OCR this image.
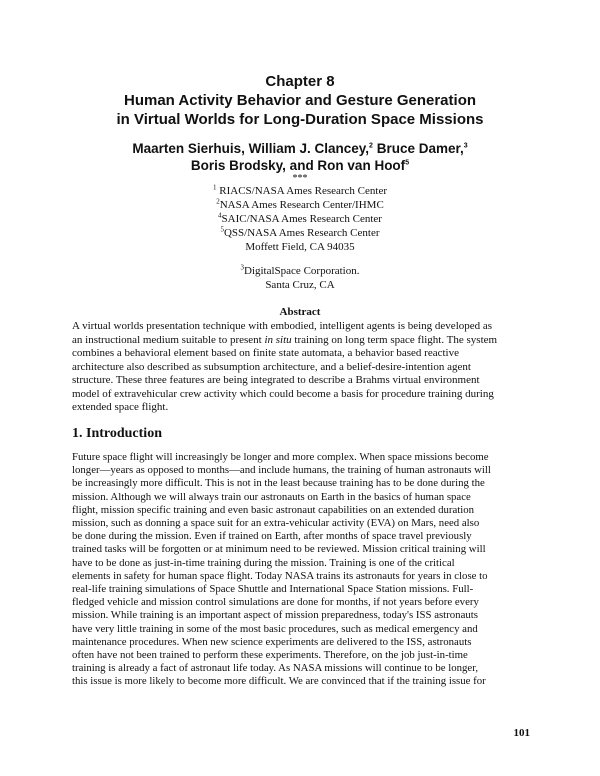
Chapter 8
Human Activity Behavior and Gesture Generation
in Virtual Worlds for Long-Duration Space Missions
Maarten Sierhuis, William J. Clancey,$^2$ Bruce Damer,$^3$
Boris Brodsky, and Ron van Hoof$^5$
***
$^1$ RIACS/NASA Ames Research Center
$^2$NASA Ames Research Center/IHMC
$^4$SAIC/NASA Ames Research Center
$^5$QSS/NASA Ames Research Center
Moffett Field, CA 94035
$^3$DigitalSpace Corporation.
Santa Cruz, CA
Abstract
A virtual worlds presentation technique with embodied, intelligent agents is being developed as
an instructional medium suitable to present in situ training on long term space flight. The system
combines a behavioral element based on finite state automata, a behavior based reactive
architecture also described as subsumption architecture, and a belief-desire-intention agent
structure. These three features are being integrated to describe a Brahms virtual environment
model of extravehicular crew activity which could become a basis for procedure training during
extended space flight.
1. Introduction
Future space flight will increasingly be longer and more complex. When space missions become
longer—years as opposed to months—and include humans, the training of human astronauts will
be increasingly more difficult. This is not in the least because training has to be done during the
mission. Although we will always train our astronauts on Earth in the basics of human space
flight, mission specific training and even basic astronaut capabilities on an extended duration
mission, such as donning a space suit for an extra-vehicular activity (EVA) on Mars, need also
be done during the mission. Even if trained on Earth, after months of space travel previously
trained tasks will be forgotten or at minimum need to be reviewed. Mission critical training will
have to be done as just-in-time training during the mission. Training is one of the critical
elements in safety for human space flight. Today NASA trains its astronauts for years in close to
real-life training simulations of Space Shuttle and International Space Station missions. Full-
fledged vehicle and mission control simulations are done for months, if not years before every
mission. While training is an important aspect of mission preparedness, today's ISS astronauts
have very little training in some of the most basic procedures, such as medical emergency and
maintenance procedures. When new science experiments are delivered to the ISS, astronauts
often have not been trained to perform these experiments. Therefore, on the job just-in-time
training is already a fact of astronaut life today. As NASA missions will continue to be longer,
this issue is more likely to become more difficult. We are convinced that if the training issue for
101
